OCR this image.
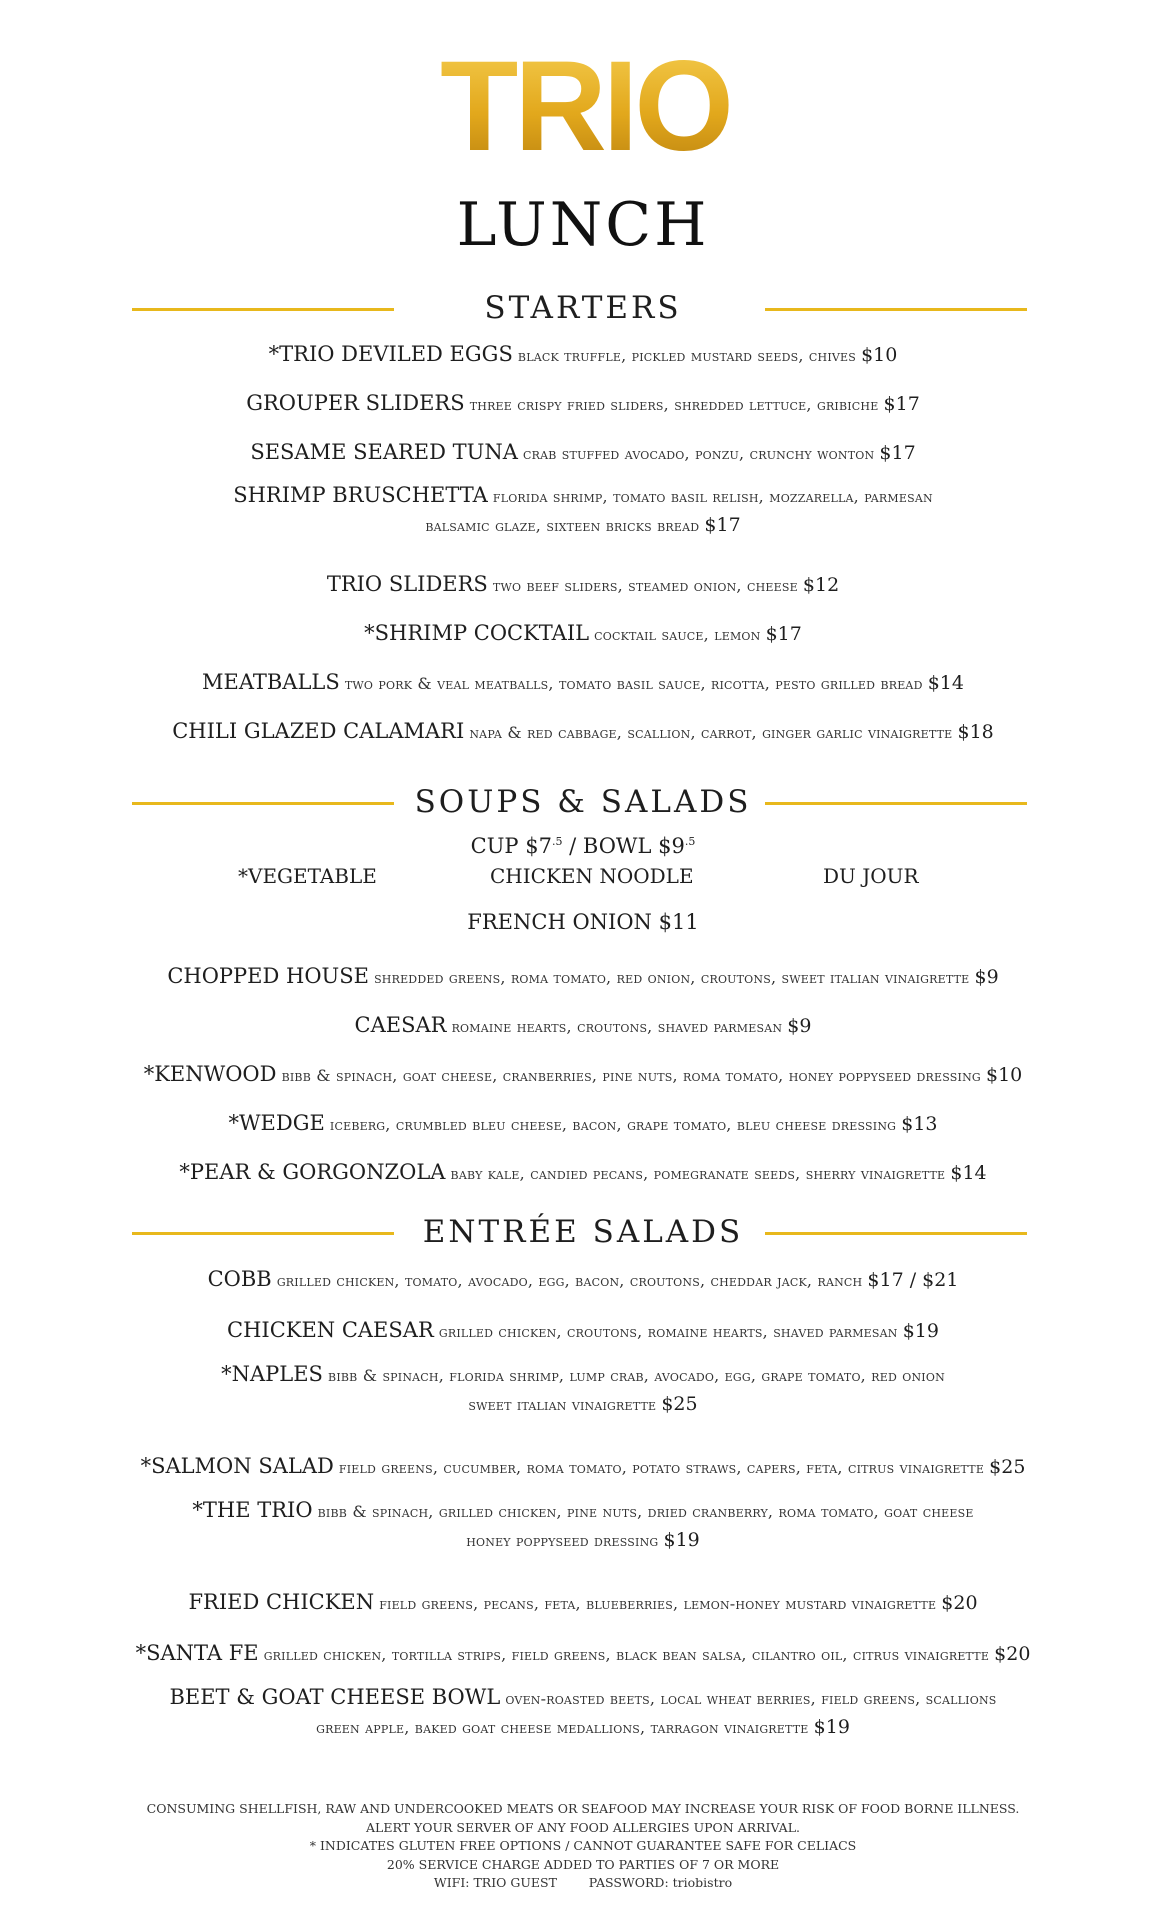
TRIO
LUNCH
STARTERS
*TRIO DEVILED EGGS black truffle, pickled mustard seeds, chives $10
GROUPER SLIDERS three crispy fried sliders, shredded lettuce, gribiche $17
SESAME SEARED TUNA crab stuffed avocado, ponzu, crunchy wonton $17
SHRIMP BRUSCHETTA florida shrimp, tomato basil relish, mozzarella, parmesan
balsamic glaze, sixteen bricks bread $17
TRIO SLIDERS two beef sliders, steamed onion, cheese $12
*SHRIMP COCKTAIL cocktail sauce, lemon $17
MEATBALLS two pork & veal meatballs, tomato basil sauce, ricotta, pesto grilled bread $14
CHILI GLAZED CALAMARI napa & red cabbage, scallion, carrot, ginger garlic vinaigrette $18
SOUPS & SALADS
CUP $\$7^{.5}$ / BOWL $\$9^{.5}$
*VEGETABLE	CHICKEN NOODLE	DU JOUR
FRENCH ONION $11
CHOPPED HOUSE shredded greens, roma tomato, red onion, croutons, sweet italian vinaigrette $9
CAESAR romaine hearts, croutons, shaved parmesan $9
*KENWOOD bibb & spinach, goat cheese, cranberries, pine nuts, roma tomato, honey poppyseed dressing $10
*WEDGE iceberg, crumbled bleu cheese, bacon, grape tomato, bleu cheese dressing $13
*PEAR & GORGONZOLA baby kale, candied pecans, pomegranate seeds, sherry vinaigrette $14
ENTRÉE SALADS
COBB grilled chicken, tomato, avocado, egg, bacon, croutons, cheddar jack, ranch $17 / $21
CHICKEN CAESAR grilled chicken, croutons, romaine hearts, shaved parmesan $19
*NAPLES bibb & spinach, florida shrimp, lump crab, avocado, egg, grape tomato, red onion
sweet italian vinaigrette $25
*SALMON SALAD field greens, cucumber, roma tomato, potato straws, capers, feta, citrus vinaigrette $25
*THE TRIO bibb & spinach, grilled chicken, pine nuts, dried cranberry, roma tomato, goat cheese
honey poppyseed dressing $19
FRIED CHICKEN field greens, pecans, feta, blueberries, lemon-honey mustard vinaigrette $20
*SANTA FE grilled chicken, tortilla strips, field greens, black bean salsa, cilantro oil, citrus vinaigrette $20
BEET & GOAT CHEESE BOWL oven-roasted beets, local wheat berries, field greens, scallions
green apple, baked goat cheese medallions, tarragon vinaigrette $19
CONSUMING SHELLFISH, RAW AND UNDERCOOKED MEATS OR SEAFOOD MAY INCREASE YOUR RISK OF FOOD BORNE ILLNESS.
ALERT YOUR SERVER OF ANY FOOD ALLERGIES UPON ARRIVAL.
* INDICATES GLUTEN FREE OPTIONS / CANNOT GUARANTEE SAFE FOR CELIACS
20% SERVICE CHARGE ADDED TO PARTIES OF 7 OR MORE
WIFI: TRIO GUEST	PASSWORD: triobistro
